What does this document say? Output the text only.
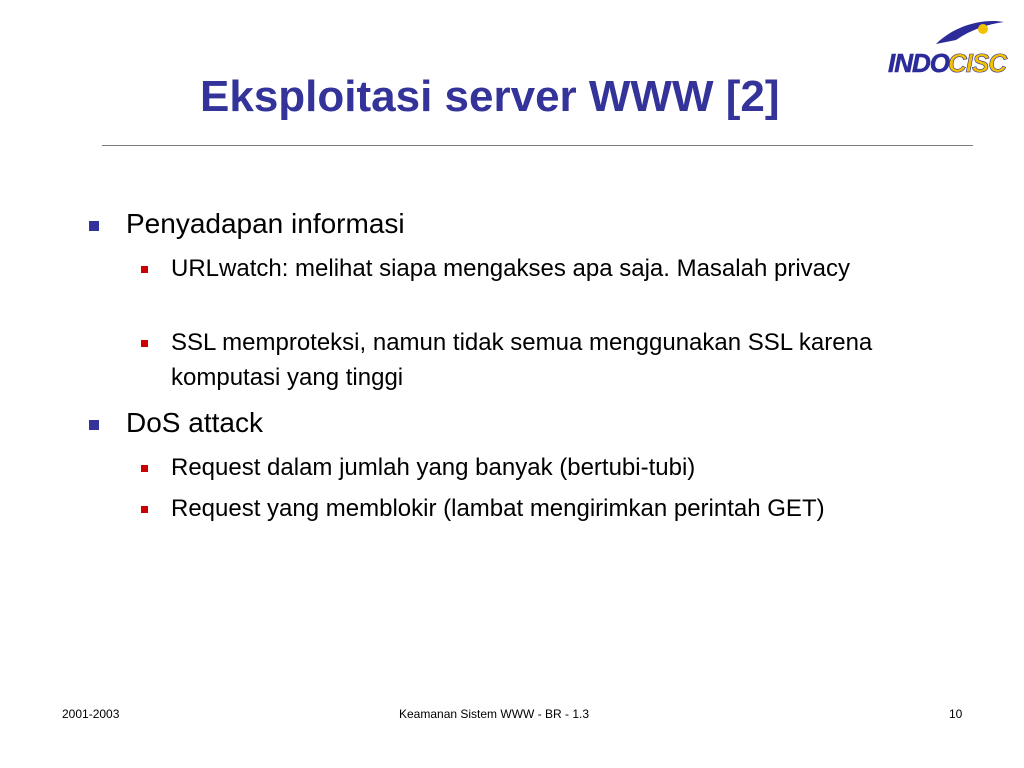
INDO CISC
Eksploitasi server WWW [2]
Penyadapan informasi
URLwatch: melihat siapa mengakses apa saja. Masalah privacy
SSL memproteksi, namun tidak semua menggunakan SSL karena komputasi yang tinggi
DoS attack
Request dalam jumlah yang banyak (bertubi-tubi)
Request yang memblokir (lambat mengirimkan perintah GET)
2001-2003	Keamanan Sistem WWW - BR - 1.3	10
